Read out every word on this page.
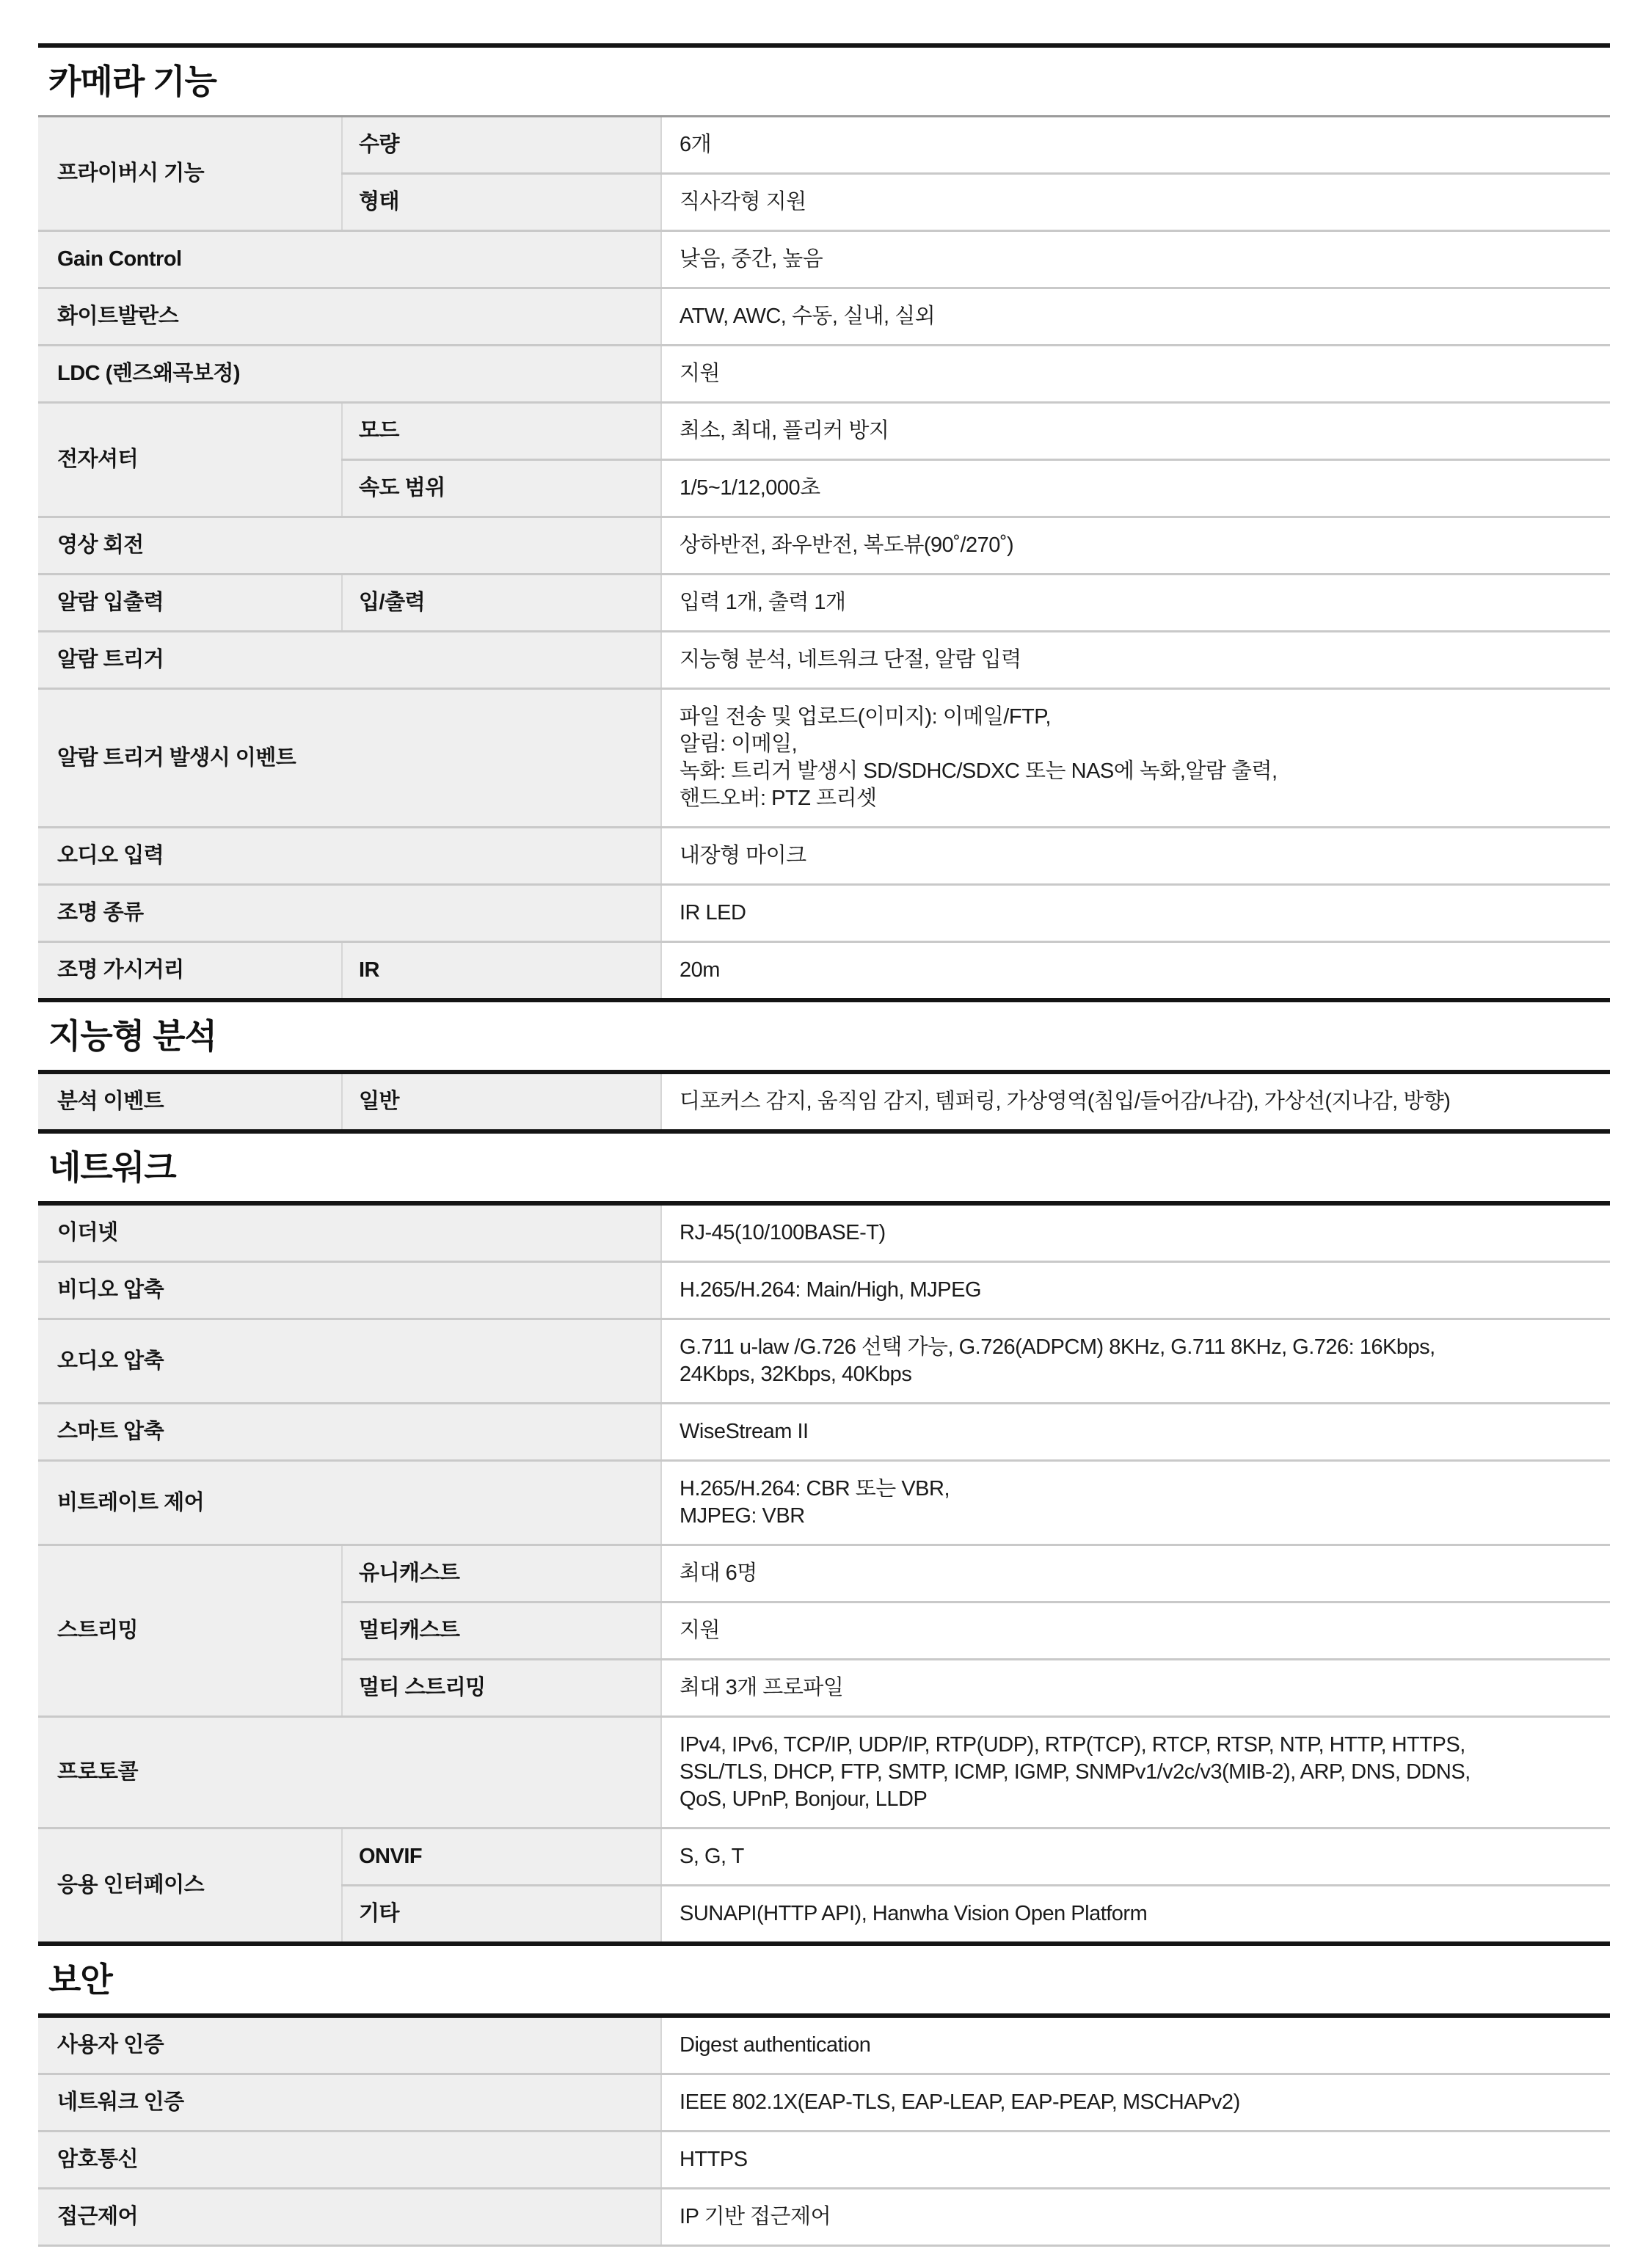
카메라 기능
프라이버시 기능	수량	6개
	형태	직사각형 지원
Gain Control		낮음, 중간, 높음
화이트발란스		ATW, AWC, 수동, 실내, 실외
LDC (렌즈왜곡보정)		지원
전자셔터	모드	최소, 최대, 플리커 방지
	속도 범위	1/5~1/12,000초
영상 회전		상하반전, 좌우반전, 복도뷰(90˚/270˚)
알람 입출력	입/출력	입력 1개, 출력 1개
알람 트리거		지능형 분석, 네트워크 단절, 알람 입력
알람 트리거 발생시 이벤트		파일 전송 및 업로드(이미지): 이메일/FTP,
알림: 이메일,
녹화: 트리거 발생시 SD/SDHC/SDXC 또는 NAS에 녹화,알람 출력,
핸드오버: PTZ 프리셋
오디오 입력		내장형 마이크
조명 종류		IR LED
조명 가시거리	IR	20m
지능형 분석
분석 이벤트	일반	디포커스 감지, 움직임 감지, 템퍼링, 가상영역(침입/들어감/나감), 가상선(지나감, 방향)
네트워크
이더넷		RJ-45(10/100BASE-T)
비디오 압축		H.265/H.264: Main/High, MJPEG
오디오 압축		G.711 u-law /G.726 선택 가능, G.726(ADPCM) 8KHz, G.711 8KHz, G.726: 16Kbps,
24Kbps, 32Kbps, 40Kbps
스마트 압축		WiseStream II
비트레이트 제어		H.265/H.264: CBR 또는 VBR,
MJPEG: VBR
스트리밍	유니캐스트	최대 6명
	멀티캐스트	지원
	멀티 스트리밍	최대 3개 프로파일
프로토콜		IPv4, IPv6, TCP/IP, UDP/IP, RTP(UDP), RTP(TCP), RTCP, RTSP, NTP, HTTP, HTTPS,
SSL/TLS, DHCP, FTP, SMTP, ICMP, IGMP, SNMPv1/v2c/v3(MIB-2), ARP, DNS, DDNS,
QoS, UPnP, Bonjour, LLDP
응용 인터페이스	ONVIF	S, G, T
	기타	SUNAPI(HTTP API), Hanwha Vision Open Platform
보안
사용자 인증	Digest authentication
네트워크 인증	IEEE 802.1X(EAP-TLS, EAP-LEAP, EAP-PEAP, MSCHAPv2)
암호통신	HTTPS
접근제어	IP 기반 접근제어
